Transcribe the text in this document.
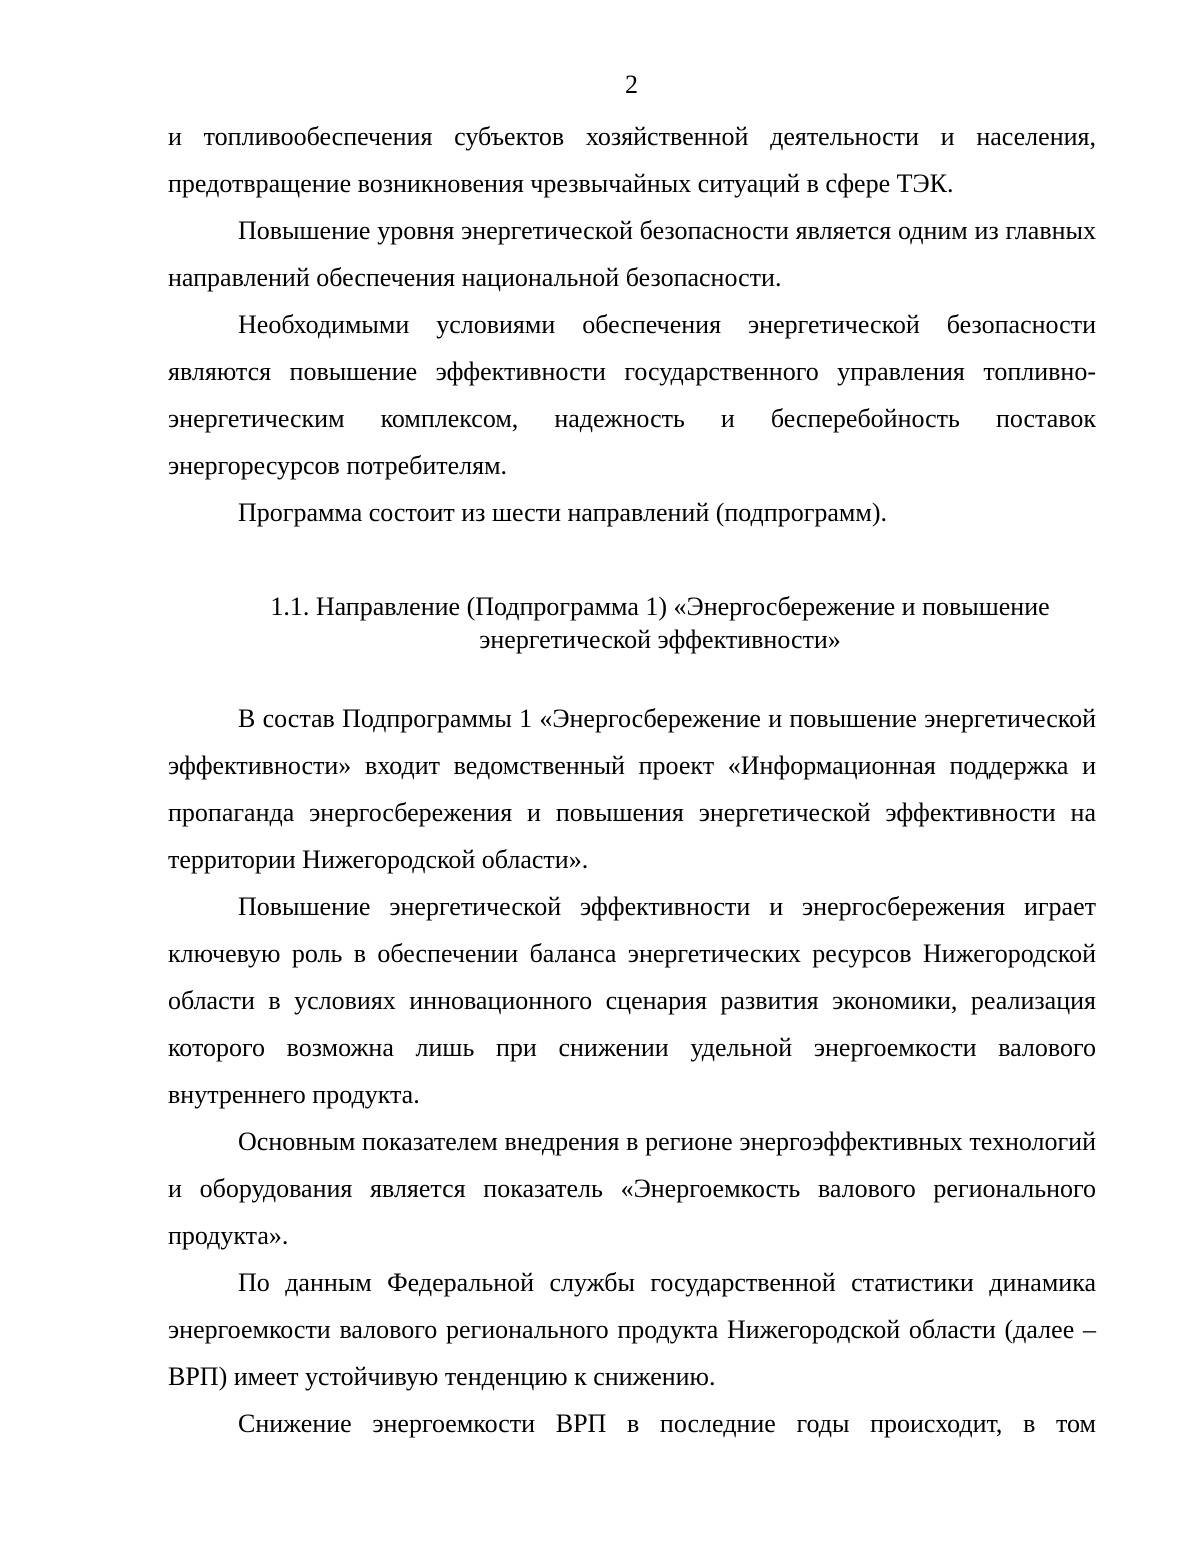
2

и топливообеспечения субъектов хозяйственной деятельности и населения, предотвращение возникновения чрезвычайных ситуаций в сфере ТЭК.

Повышение уровня энергетической безопасности является одним из главных направлений обеспечения национальной безопасности.

Необходимыми условиями обеспечения энергетической безопасности являются повышение эффективности государственного управления топливно-энергетическим комплексом, надежность и бесперебойность поставок энергоресурсов потребителям.

Программа состоит из шести направлений (подпрограмм).

1.1. Направление (Подпрограмма 1) «Энергосбережение и повышение энергетической эффективности»

В состав Подпрограммы 1 «Энергосбережение и повышение энергетической эффективности» входит ведомственный проект «Информационная поддержка и пропаганда энергосбережения и повышения энергетической эффективности на территории Нижегородской области».

Повышение энергетической эффективности и энергосбережения играет ключевую роль в обеспечении баланса энергетических ресурсов Нижегородской области в условиях инновационного сценария развития экономики, реализация которого возможна лишь при снижении удельной энергоемкости валового внутреннего продукта.

Основным показателем внедрения в регионе энергоэффективных технологий и оборудования является показатель «Энергоемкость валового регионального продукта».

По данным Федеральной службы государственной статистики динамика энергоемкости валового регионального продукта Нижегородской области (далее – ВРП) имеет устойчивую тенденцию к снижению.

Снижение энергоемкости ВРП в последние годы происходит, в том
